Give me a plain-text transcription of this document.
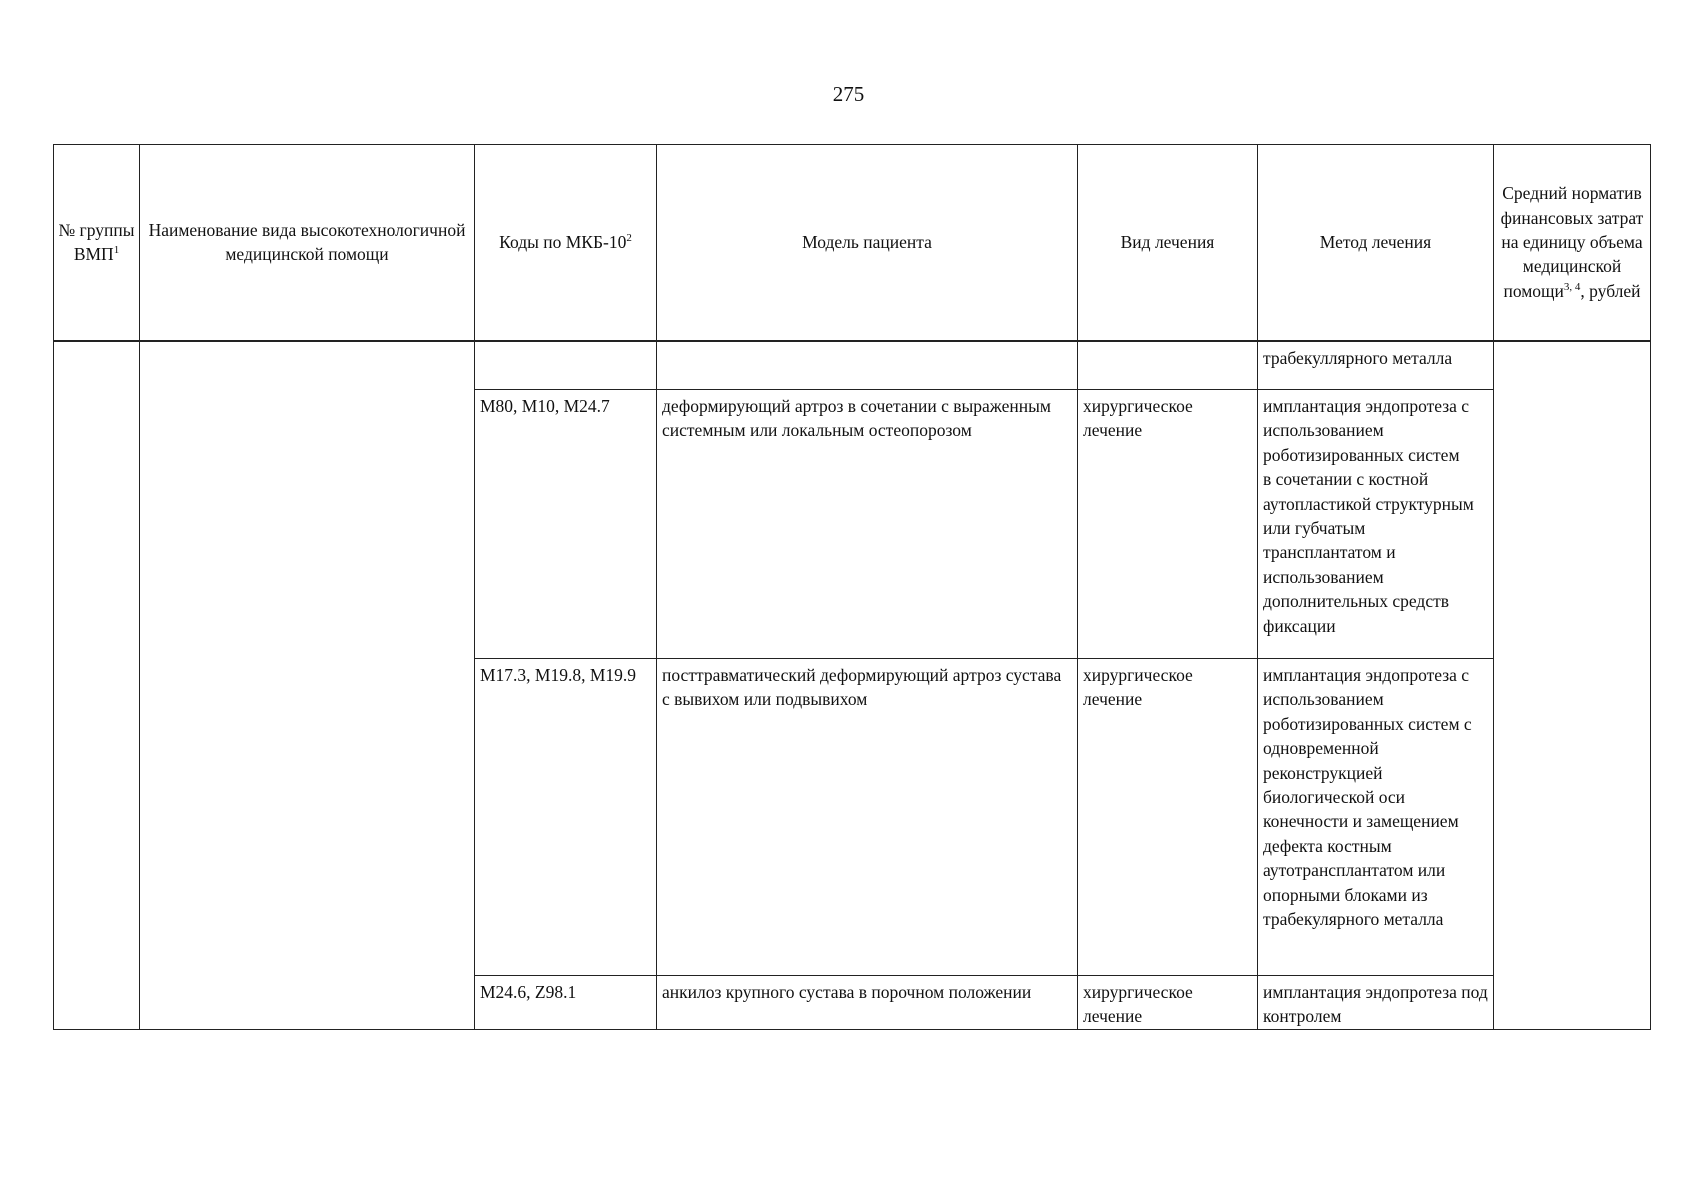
275
№ группы ВМП$^1$	Наименование вида высокотехнологичной медицинской помощи	Коды по МКБ-$10^2$	Модель пациента	Вид лечения	Метод лечения	Средний норматив финансовых затрат на единицу объема медицинской помощи$^{3, 4}$, рублей

					трабекуллярного металла	

		M80, M10, M24.7	деформирующий артроз в сочетании с выраженным системным или локальным остеопорозом	хирургическое лечение	имплантация эндопротеза с использованием роботизированных систем
в сочетании с костной аутопластикой структурным или губчатым трансплантатом и использованием дополнительных средств фиксации	

		M17.3, M19.8, M19.9	посттравматический деформирующий артроз сустава с вывихом или подвывихом	хирургическое лечение	имплантация эндопротеза с использованием роботизированных систем с одновременной реконструкцией биологической оси конечности и замещением дефекта костным аутотрансплантатом или опорными блоками из трабекулярного металла	

		M24.6, Z98.1	анкилоз крупного сустава в порочном положении	хирургическое лечение	имплантация эндопротеза под контролем	
